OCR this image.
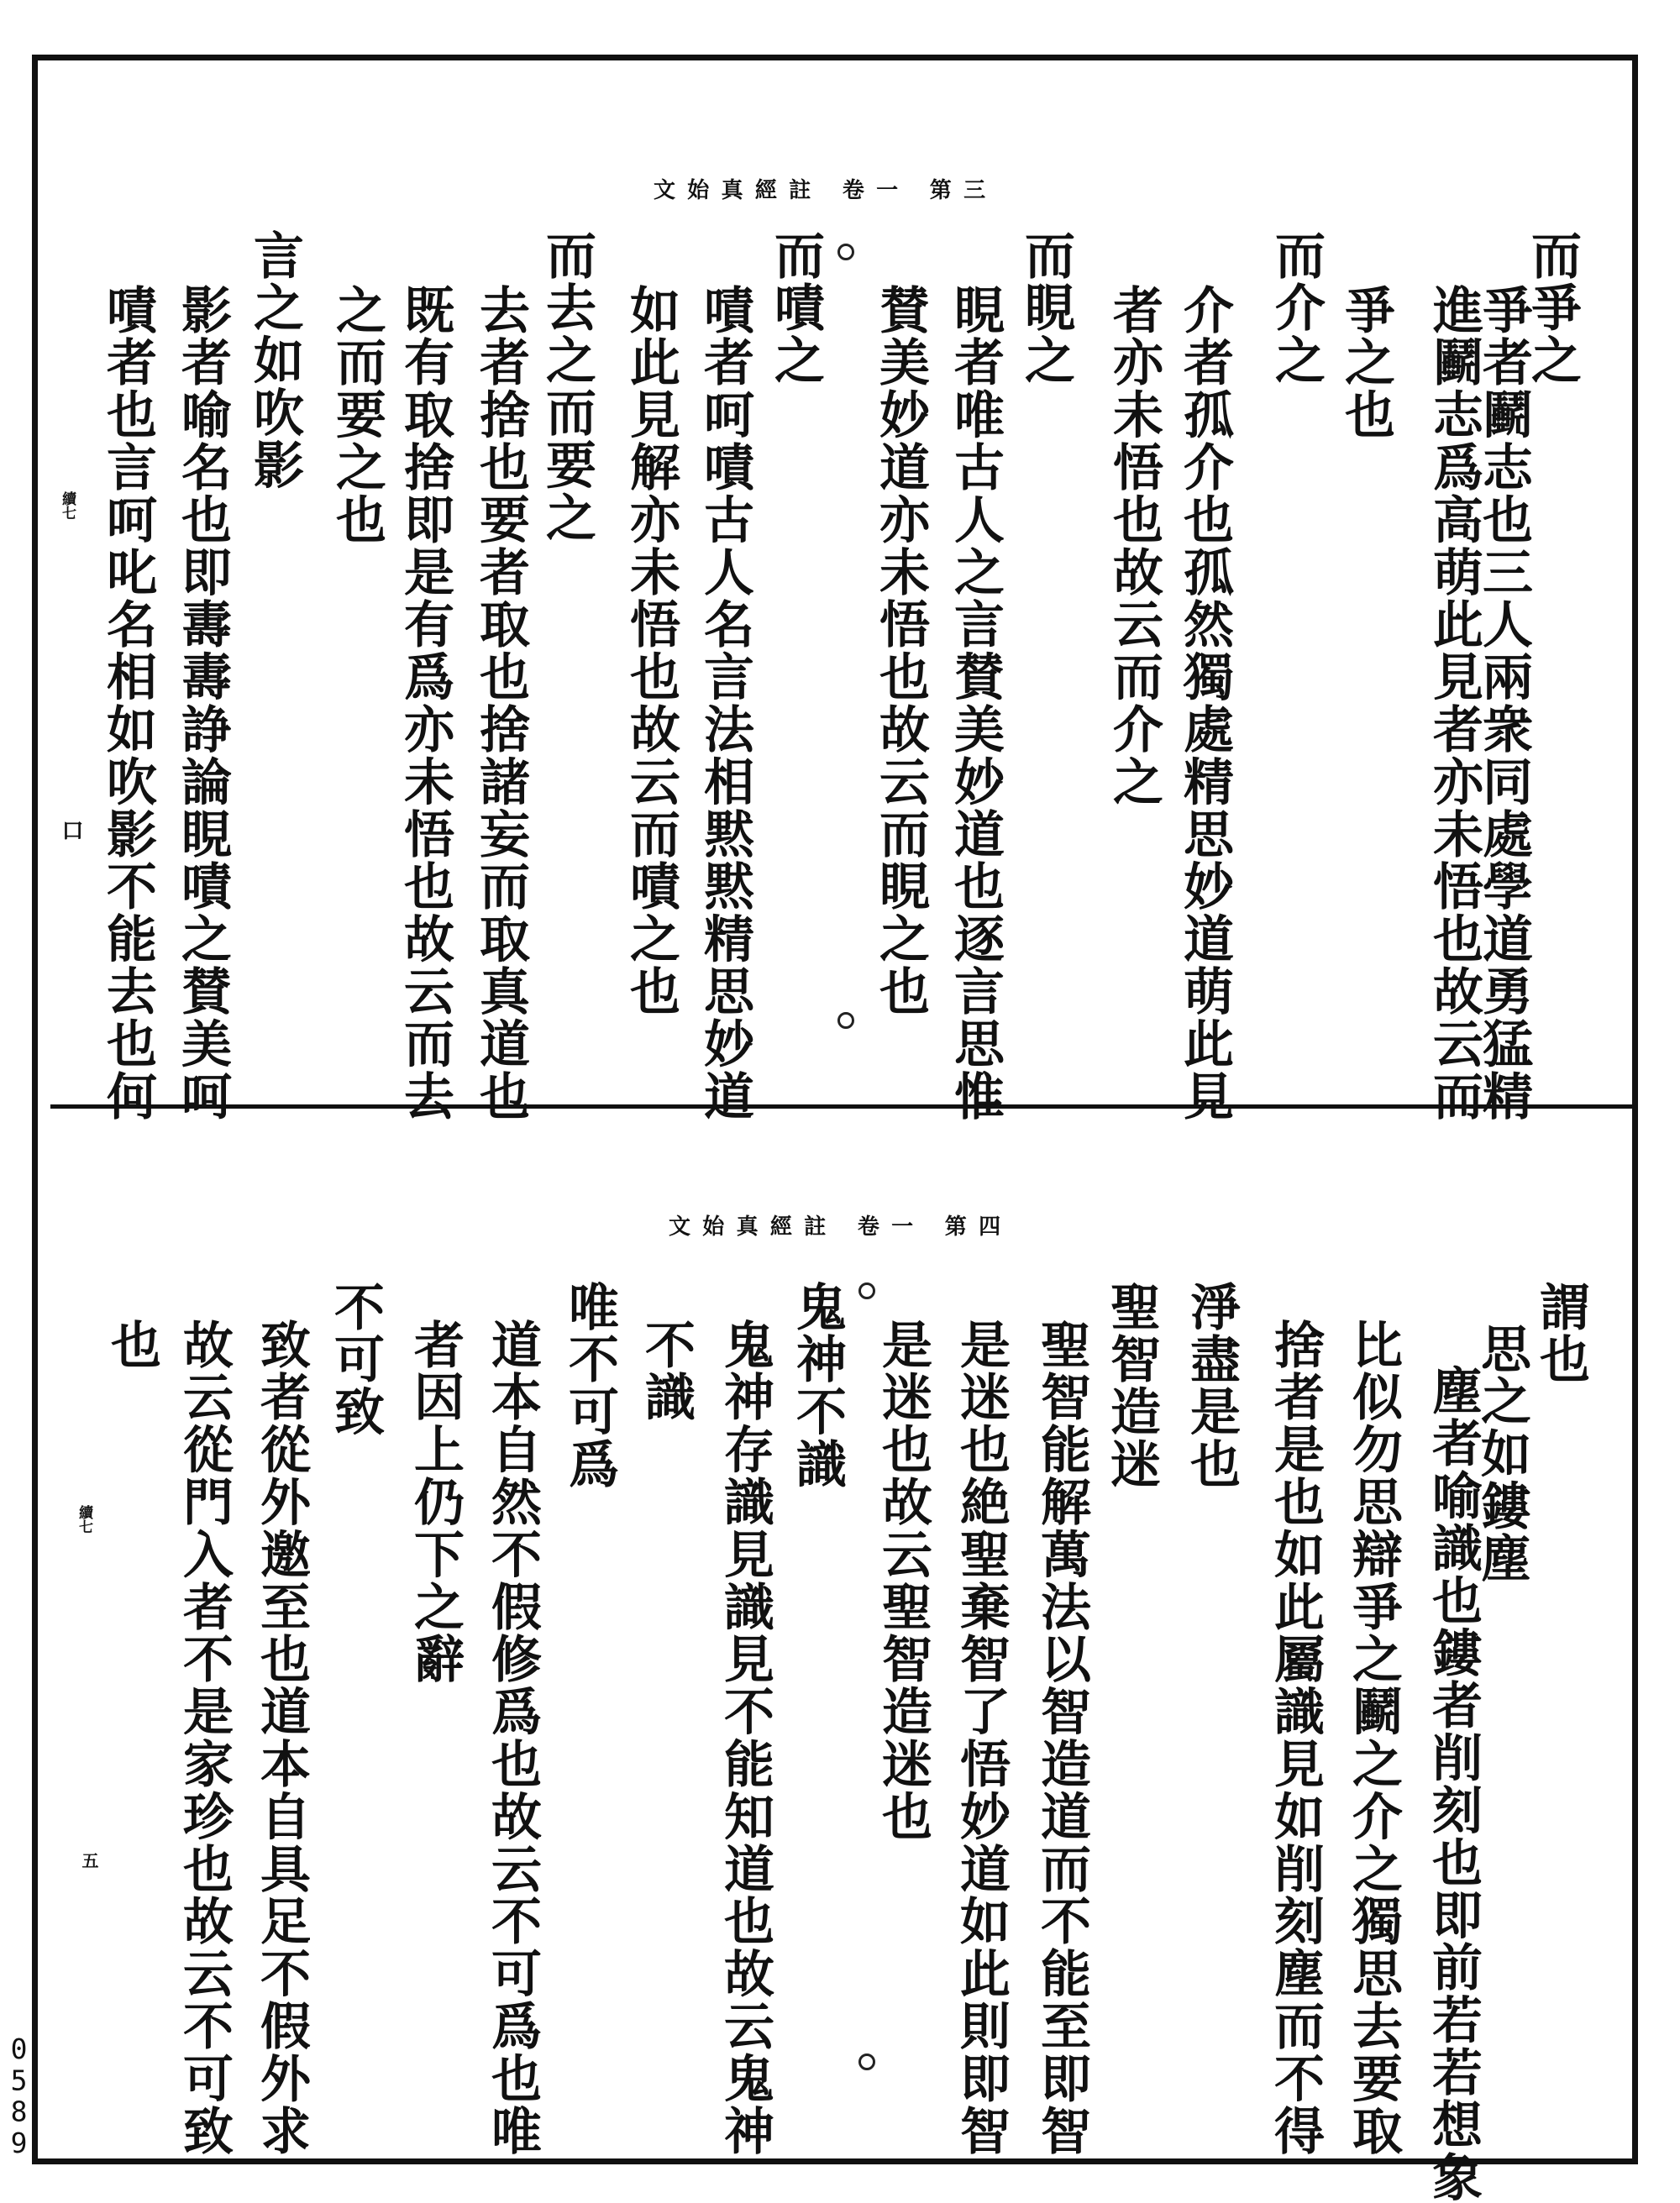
文始真經註 卷一 第三
而爭之
爭者鬬志也三人兩衆同處學道勇猛精
進鬬志爲高萌此見者亦未悟也故云而
爭之也
而介之
介者孤介也孤然獨處精思妙道萌此見
者亦未悟也故云而介之
而睍之
睍者唯古人之言賛美妙道也逐言思惟
賛美妙道亦未悟也故云而睍之也
而嘖之
嘖者呵嘖古人名言法相黙黙精思妙道
如此見解亦未悟也故云而嘖之也
而去之而要之
去者捨也要者取也捨諸妄而取真道也
既有取捨即是有爲亦未悟也故云而去
之而要之也
言之如吹影
影者喻名也即夀夀諍論睍嘖之賛美呵
嘖者也言呵叱名相如吹影不能去也何
續七
口
文始真經註 卷一 第四
謂也
思之如鏤塵
塵者喻識也鏤者削刻也即前若若想象
比似勿思辯爭之鬬之介之獨思去要取
捨者是也如此屬識見如削刻塵而不得
淨盡是也
聖智造迷
聖智能解萬法以智造道而不能至即智
是迷也絶聖棄智了悟妙道如此則即智
是迷也故云聖智造迷也
鬼神不識
鬼神存識見識見不能知道也故云鬼神
不識
唯不可爲
道本自然不假修爲也故云不可爲也唯
者因上仍下之辭
不可致
致者從外邀至也道本自具足不假外求
故云從門入者不是家珍也故云不可致
也
續七
五
0589
